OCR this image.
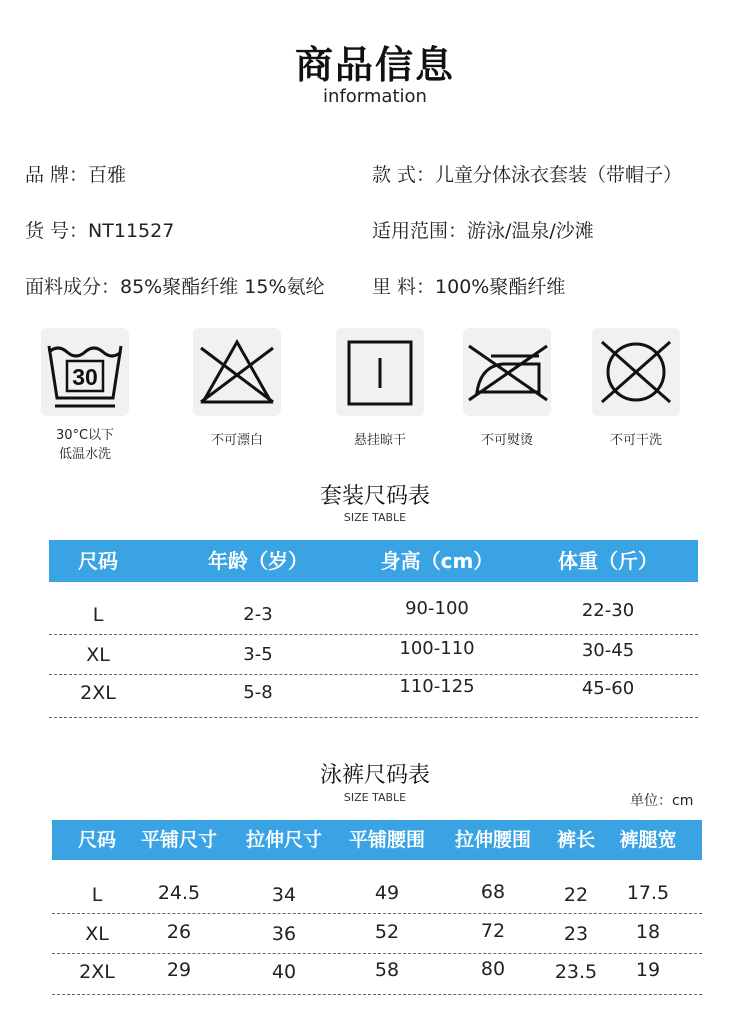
商品信息
information
品 牌：百雅	款 式：儿童分体泳衣套装（带帽子）
货 号：NT11527	适用范围：游泳/温泉/沙滩
面料成分：85%聚酯纤维 15%氨纶 里 料：100%聚酯纤维
30
30°C以下
低温水洗
不可漂白	悬挂晾干	不可熨烫	不可干洗
套装尺码表
SIZE TABLE
尺码	年龄（岁）	身高（cm）	体重（斤）
L	2-3	90-100	22-30
XL	3-5	100-110	30-45
2XL	5-8	110-125	45-60
泳裤尺码表
SIZE TABLE	单位：cm
尺码	平铺尺寸	拉伸尺寸	平铺腰围	拉伸腰围	裤长	裤腿宽
L	24.5	34	49	68	22	17.5
XL	26	36	52	72	23	18
2XL	29	40	58	80	23.5	19
